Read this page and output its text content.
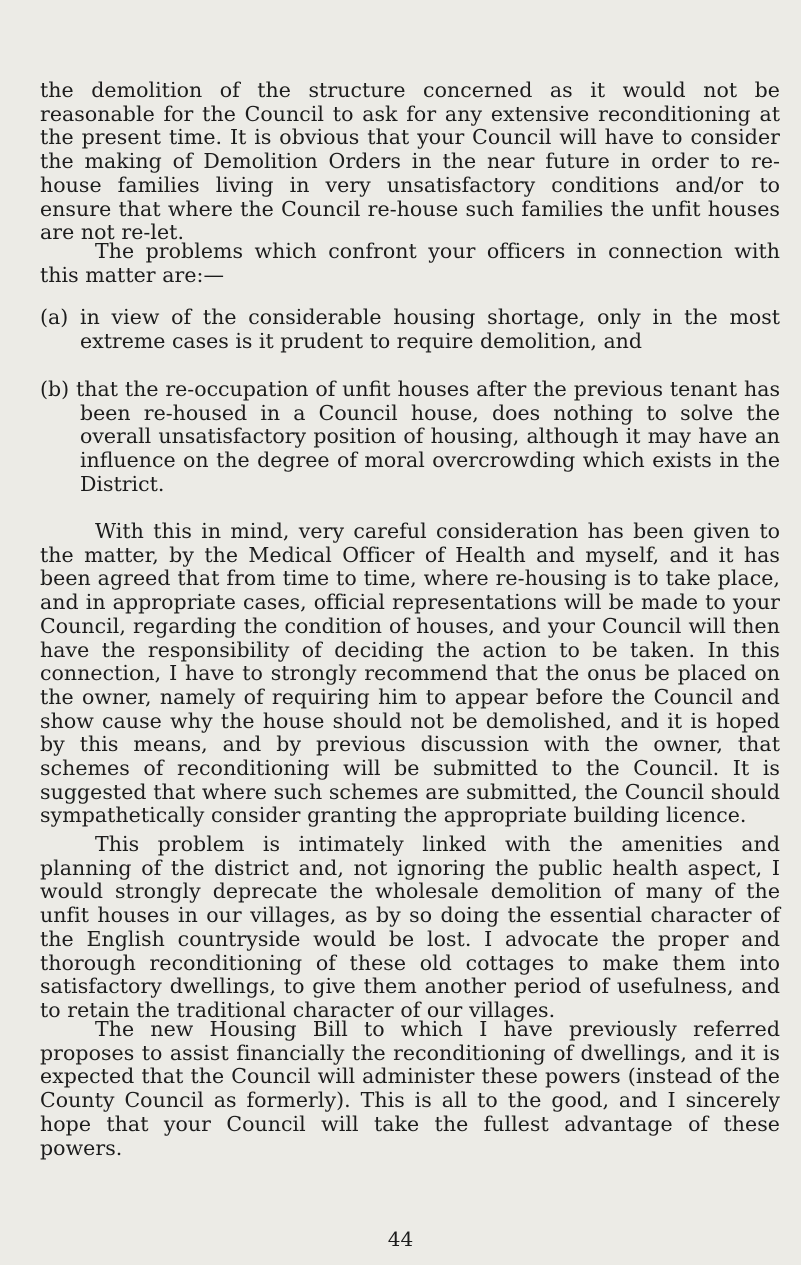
the demolition of the structure concerned as it would not be reasonable for the Council to ask for any extensive reconditioning at the present time. It is obvious that your Council will have to consider the making of Demolition Orders in the near future in order to re-house families living in very unsatisfactory conditions and/or to ensure that where the Council re-house such families the unfit houses are not re-let.

The problems which confront your officers in connection with this matter are:—

(a) in view of the considerable housing shortage, only in the most extreme cases is it prudent to require demolition, and

(b) that the re-occupation of unfit houses after the previous tenant has been re-housed in a Council house, does nothing to solve the overall unsatisfactory position of housing, although it may have an influence on the degree of moral overcrowding which exists in the District.

With this in mind, very careful consideration has been given to the matter, by the Medical Officer of Health and myself, and it has been agreed that from time to time, where re-housing is to take place, and in appropriate cases, official representations will be made to your Council, regarding the condition of houses, and your Council will then have the responsibility of deciding the action to be taken. In this connection, I have to strongly recommend that the onus be placed on the owner, namely of requiring him to appear before the Council and show cause why the house should not be demolished, and it is hoped by this means, and by previous discussion with the owner, that schemes of reconditioning will be submitted to the Council. It is suggested that where such schemes are submitted, the Council should sympathetically consider granting the appropriate building licence.

This problem is intimately linked with the amenities and planning of the district and, not ignoring the public health aspect, I would strongly deprecate the wholesale demolition of many of the unfit houses in our villages, as by so doing the essential character of the English countryside would be lost. I advocate the proper and thorough reconditioning of these old cottages to make them into satisfactory dwellings, to give them another period of usefulness, and to retain the traditional character of our villages.

The new Housing Bill to which I have previously referred proposes to assist financially the reconditioning of dwellings, and it is expected that the Council will administer these powers (instead of the County Council as formerly). This is all to the good, and I sincerely hope that your Council will take the fullest advantage of these powers.

44
